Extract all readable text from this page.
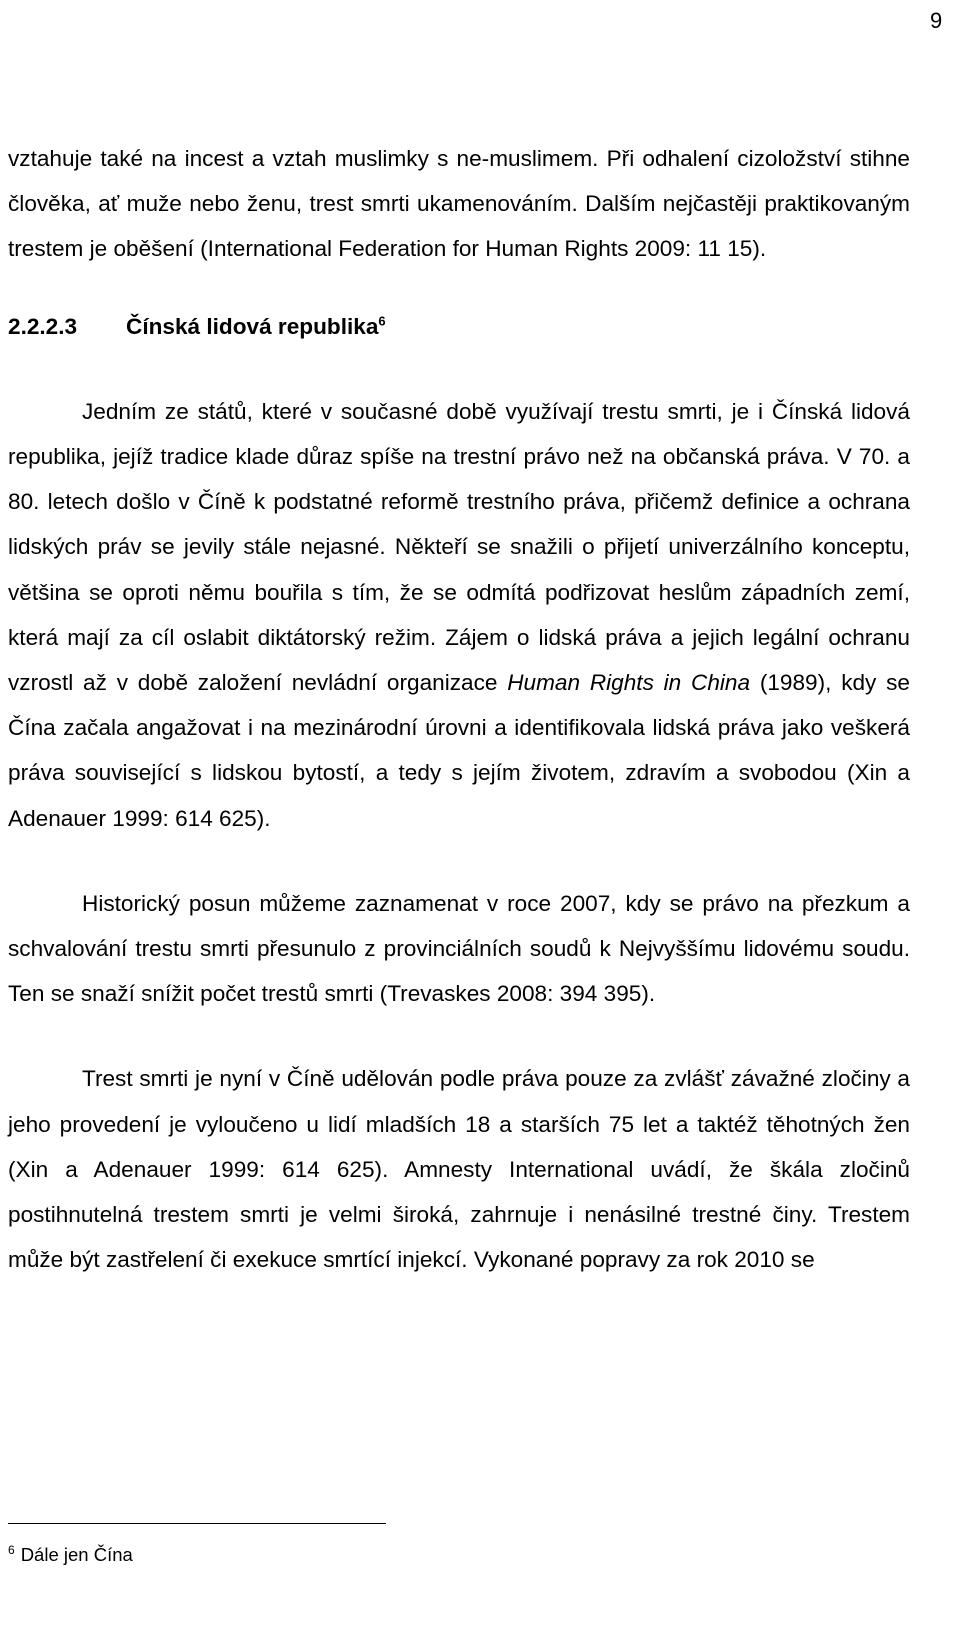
9

vztahuje také na incest a vztah muslimky s ne-muslimem. Při odhalení cizoložství stihne člověka, ať muže nebo ženu, trest smrti ukamenováním. Dalším nejčastěji praktikovaným trestem je oběšení (International Federation for Human Rights 2009: 11 15).

2.2.2.3 Čínská lidová republika$^6$

Jedním ze států, které v současné době využívají trestu smrti, je i Čínská lidová republika, jejíž tradice klade důraz spíše na trestní právo než na občanská práva. V 70. a 80. letech došlo v Číně k podstatné reformě trestního práva, přičemž definice a ochrana lidských práv se jevily stále nejasné. Někteří se snažili o přijetí univerzálního konceptu, většina se oproti němu bouřila s tím, že se odmítá podřizovat heslům západních zemí, která mají za cíl oslabit diktátorský režim. Zájem o lidská práva a jejich legální ochranu vzrostl až v době založení nevládní organizace Human Rights in China (1989), kdy se Čína začala angažovat i na mezinárodní úrovni a identifikovala lidská práva jako veškerá práva související s lidskou bytostí, a tedy s jejím životem, zdravím a svobodou (Xin a Adenauer 1999: 614 625).

Historický posun můžeme zaznamenat v roce 2007, kdy se právo na přezkum a schvalování trestu smrti přesunulo z provinciálních soudů k Nejvyššímu lidovému soudu. Ten se snaží snížit počet trestů smrti (Trevaskes 2008: 394 395).

Trest smrti je nyní v Číně udělován podle práva pouze za zvlášť závažné zločiny a jeho provedení je vyloučeno u lidí mladších 18 a starších 75 let a taktéž těhotných žen (Xin a Adenauer 1999: 614 625). Amnesty International uvádí, že škála zločinů postihnutelná trestem smrti je velmi široká, zahrnuje i nenásilné trestné činy. Trestem může být zastřelení či exekuce smrtící injekcí. Vykonané popravy za rok 2010 se

$^6$ Dále jen Čína
